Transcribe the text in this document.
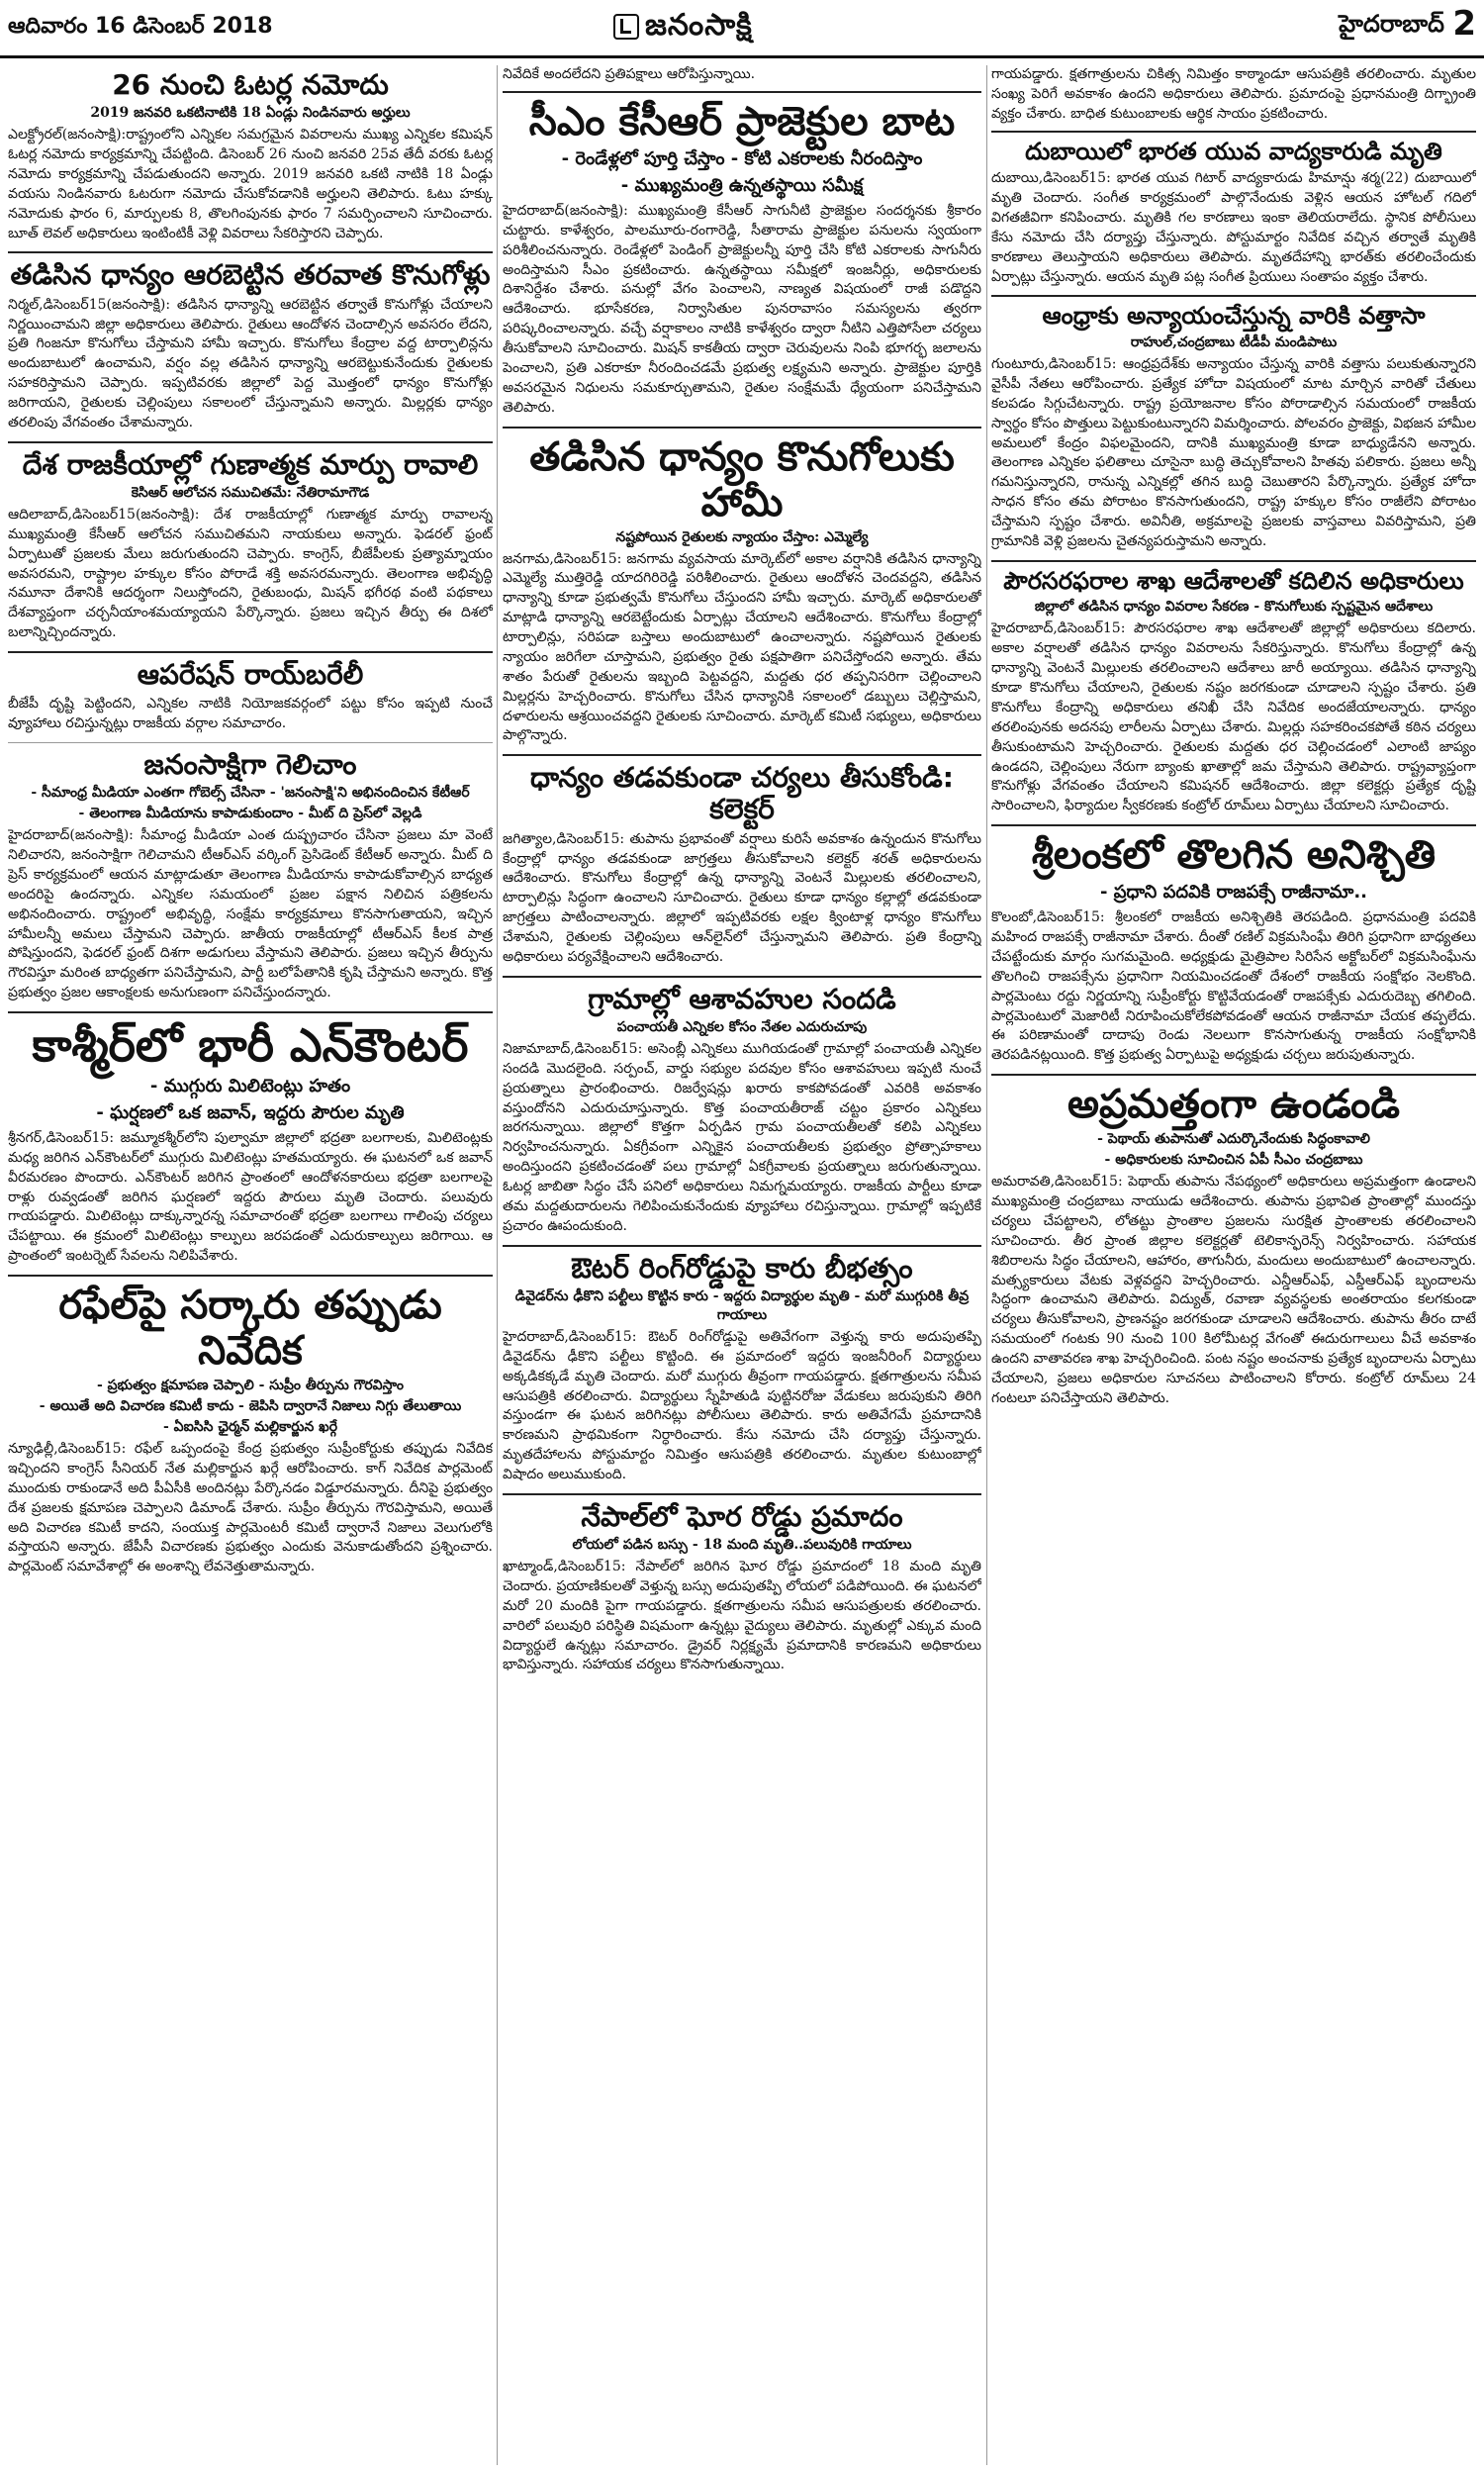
ఆదివారం 16 డిసెంబర్ 2018	జనంసాక్షి	హైదరాబాద్ 2
26 నుంచి ఓటర్ల నమోదు
2019 జనవరి ఒకటినాటికి 18 ఏండ్లు నిండినవారు అర్హులు

ఎలక్ట్రోరల్‌(జనంసాక్షి):రాష్ట్రంలోని ఎన్నికల సమగ్రమైన వివరాలను ముఖ్య ఎన్నికల కమిషన్‌ ఓటర్ల నమోదు కార్యక్రమాన్ని చేపట్టింది. డిసెంబర్‌ 26 నుంచి జనవరి 25వ తేదీ వరకు ఓటర్ల నమోదు కార్యక్రమాన్ని చేపడుతుందని అన్నారు. 2019 జనవరి ఒకటి నాటికి 18 ఏండ్లు వయసు నిండినవారు ఓటరుగా నమోదు చేసుకోవడానికి అర్హులని తెలిపారు. ఓటు హక్కు నమోదుకు ఫారం 6, మార్పులకు 8, తొలగింపునకు ఫారం 7 సమర్పించాలని సూచించారు. బూత్‌ లెవల్‌ అధికారులు ఇంటింటికీ వెళ్లి వివరాలు సేకరిస్తారని చెప్పారు.

తడిసిన ధాన్యం ఆరబెట్టిన తరవాత కొనుగోళ్లు

నిర్మల్‌,డిసెంబర్‌15(జనంసాక్షి): తడిసిన ధాన్యాన్ని ఆరబెట్టిన తర్వాతే కొనుగోళ్లు చేయాలని నిర్ణయించామని జిల్లా అధికారులు తెలిపారు. రైతులు ఆందోళన చెందాల్సిన అవసరం లేదని, ప్రతి గింజనూ కొనుగోలు చేస్తామని హామీ ఇచ్చారు. కొనుగోలు కేంద్రాల వద్ద టార్పాలిన్లను అందుబాటులో ఉంచామని, వర్షం వల్ల తడిసిన ధాన్యాన్ని ఆరబెట్టుకునేందుకు రైతులకు సహకరిస్తామని చెప్పారు. ఇప్పటివరకు జిల్లాలో పెద్ద మొత్తంలో ధాన్యం కొనుగోళ్లు జరిగాయని, రైతులకు చెల్లింపులు సకాలంలో చేస్తున్నామని అన్నారు. మిల్లర్లకు ధాన్యం తరలింపు వేగవంతం చేశామన్నారు.

దేశ రాజకీయాల్లో గుణాత్మక మార్పు రావాలి
కెసిఆర్‌ ఆలోచన సముచితమే: నేతిరామాగౌడ

ఆదిలాబాద్‌,డిసెంబర్‌15(జనంసాక్షి): దేశ రాజకీయాల్లో గుణాత్మక మార్పు రావాలన్న ముఖ్యమంత్రి కేసీఆర్‌ ఆలోచన సముచితమని నాయకులు అన్నారు. ఫెడరల్‌ ఫ్రంట్‌ ఏర్పాటుతో ప్రజలకు మేలు జరుగుతుందని చెప్పారు. కాంగ్రెస్‌, బీజేపీలకు ప్రత్యామ్నాయం అవసరమని, రాష్ట్రాల హక్కుల కోసం పోరాడే శక్తి అవసరమన్నారు. తెలంగాణ అభివృద్ధి నమూనా దేశానికి ఆదర్శంగా నిలుస్తోందని, రైతుబంధు, మిషన్‌ భగీరథ వంటి పథకాలు దేశవ్యాప్తంగా చర్చనీయాంశమయ్యాయని పేర్కొన్నారు. ప్రజలు ఇచ్చిన తీర్పు ఈ దిశలో బలాన్నిచ్చిందన్నారు.

ఆపరేషన్‌ రాయ్‌బరేలీ

బీజేపీ దృష్టి పెట్టిందని, ఎన్నికల నాటికి నియోజకవర్గంలో పట్టు కోసం ఇప్పటి నుంచే వ్యూహాలు రచిస్తున్నట్లు రాజకీయ వర్గాల సమాచారం.

జనంసాక్షిగా గెలిచాం
- సీమాంధ్ర మీడియా ఎంతగా గోబెల్స్‌ చేసినా - 'జనంసాక్షి'ని అభినందించిన కేటీఆర్‌
- తెలంగాణ మీడియాను కాపాడుకుందాం - మీట్‌ ది ప్రెస్‌లో వెల్లడి

హైదరాబాద్‌(జనంసాక్షి): సీమాంధ్ర మీడియా ఎంత దుష్ప్రచారం చేసినా ప్రజలు మా వెంటే నిలిచారని, జనంసాక్షిగా గెలిచామని టీఆర్‌ఎస్‌ వర్కింగ్‌ ప్రెసిడెంట్‌ కేటీఆర్‌ అన్నారు. మీట్‌ ది ప్రెస్‌ కార్యక్రమంలో ఆయన మాట్లాడుతూ తెలంగాణ మీడియాను కాపాడుకోవాల్సిన బాధ్యత అందరిపై ఉందన్నారు. ఎన్నికల సమయంలో ప్రజల పక్షాన నిలిచిన పత్రికలను అభినందించారు. రాష్ట్రంలో అభివృద్ధి, సంక్షేమ కార్యక్రమాలు కొనసాగుతాయని, ఇచ్చిన హామీలన్నీ అమలు చేస్తామని చెప్పారు. జాతీయ రాజకీయాల్లో టీఆర్‌ఎస్‌ కీలక పాత్ర పోషిస్తుందని, ఫెడరల్‌ ఫ్రంట్‌ దిశగా అడుగులు వేస్తామని తెలిపారు. ప్రజలు ఇచ్చిన తీర్పును గౌరవిస్తూ మరింత బాధ్యతగా పనిచేస్తామని, పార్టీ బలోపేతానికి కృషి చేస్తామని అన్నారు. కొత్త ప్రభుత్వం ప్రజల ఆకాంక్షలకు అనుగుణంగా పనిచేస్తుందన్నారు.

కాశ్మీర్‌లో భారీ ఎన్‌కౌంటర్‌
- ముగ్గురు మిలిటెంట్లు హతం
- ఘర్షణలో ఒక జవాన్‌, ఇద్దరు పౌరుల మృతి

శ్రీనగర్‌,డిసెంబర్‌15: జమ్మూకశ్మీర్‌లోని పుల్వామా జిల్లాలో భద్రతా బలగాలకు, మిలిటెంట్లకు మధ్య జరిగిన ఎన్‌కౌంటర్‌లో ముగ్గురు మిలిటెంట్లు హతమయ్యారు. ఈ ఘటనలో ఒక జవాన్‌ వీరమరణం పొందారు. ఎన్‌కౌంటర్‌ జరిగిన ప్రాంతంలో ఆందోళనకారులు భద్రతా బలగాలపై రాళ్లు రువ్వడంతో జరిగిన ఘర్షణలో ఇద్దరు పౌరులు మృతి చెందారు. పలువురు గాయపడ్డారు. మిలిటెంట్లు దాక్కున్నారన్న సమాచారంతో భద్రతా బలగాలు గాలింపు చర్యలు చేపట్టాయి. ఈ క్రమంలో మిలిటెంట్లు కాల్పులు జరపడంతో ఎదురుకాల్పులు జరిగాయి. ఆ ప్రాంతంలో ఇంటర్నెట్‌ సేవలను నిలిపివేశారు.

రఫేల్‌పై సర్కారు తప్పుడు నివేదిక
- ప్రభుత్వం క్షమాపణ చెప్పాలి - సుప్రీం తీర్పును గౌరవిస్తాం
- అయితే అది విచారణ కమిటీ కాదు - జెపిసి ద్వారానే నిజాలు నిగ్గు తేలుతాయి
- ఏఐసిసి ఛైర్మన్‌ మల్లికార్జున ఖర్గే

న్యూఢిల్లీ,డిసెంబర్‌15: రఫేల్‌ ఒప్పందంపై కేంద్ర ప్రభుత్వం సుప్రీంకోర్టుకు తప్పుడు నివేదిక ఇచ్చిందని కాంగ్రెస్‌ సీనియర్‌ నేత మల్లికార్జున ఖర్గే ఆరోపించారు. కాగ్‌ నివేదిక పార్లమెంట్‌ ముందుకు రాకుండానే అది పీఏసీకి అందినట్లు పేర్కొనడం విడ్డూరమన్నారు. దీనిపై ప్రభుత్వం దేశ ప్రజలకు క్షమాపణ చెప్పాలని డిమాండ్‌ చేశారు. సుప్రీం తీర్పును గౌరవిస్తామని, అయితే అది విచారణ కమిటీ కాదని, సంయుక్త పార్లమెంటరీ కమిటీ ద్వారానే నిజాలు వెలుగులోకి వస్తాయని అన్నారు. జేపీసీ విచారణకు ప్రభుత్వం ఎందుకు వెనుకాడుతోందని ప్రశ్నించారు. పార్లమెంట్‌ సమావేశాల్లో ఈ అంశాన్ని లేవనెత్తుతామన్నారు.

నివేదికే అందలేదని ప్రతిపక్షాలు ఆరోపిస్తున్నాయి.

సీఎం కేసీఆర్‌ ప్రాజెక్టుల బాట
- రెండేళ్లలో పూర్తి చేస్తాం - కోటి ఎకరాలకు నీరందిస్తాం
- ముఖ్యమంత్రి ఉన్నతస్థాయి సమీక్ష

హైదరాబాద్‌(జనంసాక్షి): ముఖ్యమంత్రి కేసీఆర్‌ సాగునీటి ప్రాజెక్టుల సందర్శనకు శ్రీకారం చుట్టారు. కాళేశ్వరం, పాలమూరు-రంగారెడ్డి, సీతారామ ప్రాజెక్టుల పనులను స్వయంగా పరిశీలించనున్నారు. రెండేళ్లలో పెండింగ్‌ ప్రాజెక్టులన్నీ పూర్తి చేసి కోటి ఎకరాలకు సాగునీరు అందిస్తామని సీఎం ప్రకటించారు. ఉన్నతస్థాయి సమీక్షలో ఇంజనీర్లు, అధికారులకు దిశానిర్దేశం చేశారు. పనుల్లో వేగం పెంచాలని, నాణ్యత విషయంలో రాజీ పడొద్దని ఆదేశించారు. భూసేకరణ, నిర్వాసితుల పునరావాసం సమస్యలను త్వరగా పరిష్కరించాలన్నారు. వచ్చే వర్షాకాలం నాటికి కాళేశ్వరం ద్వారా నీటిని ఎత్తిపోసేలా చర్యలు తీసుకోవాలని సూచించారు. మిషన్‌ కాకతీయ ద్వారా చెరువులను నింపి భూగర్భ జలాలను పెంచాలని, ప్రతి ఎకరాకూ నీరందించడమే ప్రభుత్వ లక్ష్యమని అన్నారు. ప్రాజెక్టుల పూర్తికి అవసరమైన నిధులను సమకూర్చుతామని, రైతుల సంక్షేమమే ధ్యేయంగా పనిచేస్తామని తెలిపారు.

తడిసిన ధాన్యం కొనుగోలుకు హామీ
నష్టపోయిన రైతులకు న్యాయం చేస్తాం: ఎమ్మెల్యే

జనగామ,డిసెంబర్‌15: జనగామ వ్యవసాయ మార్కెట్‌లో అకాల వర్షానికి తడిసిన ధాన్యాన్ని ఎమ్మెల్యే ముత్తిరెడ్డి యాదగిరిరెడ్డి పరిశీలించారు. రైతులు ఆందోళన చెందవద్దని, తడిసిన ధాన్యాన్ని కూడా ప్రభుత్వమే కొనుగోలు చేస్తుందని హామీ ఇచ్చారు. మార్కెట్‌ అధికారులతో మాట్లాడి ధాన్యాన్ని ఆరబెట్టేందుకు ఏర్పాట్లు చేయాలని ఆదేశించారు. కొనుగోలు కేంద్రాల్లో టార్పాలిన్లు, సరిపడా బస్తాలు అందుబాటులో ఉంచాలన్నారు. నష్టపోయిన రైతులకు న్యాయం జరిగేలా చూస్తామని, ప్రభుత్వం రైతు పక్షపాతిగా పనిచేస్తోందని అన్నారు. తేమ శాతం పేరుతో రైతులను ఇబ్బంది పెట్టవద్దని, మద్దతు ధర తప్పనిసరిగా చెల్లించాలని మిల్లర్లను హెచ్చరించారు. కొనుగోలు చేసిన ధాన్యానికి సకాలంలో డబ్బులు చెల్లిస్తామని, దళారులను ఆశ్రయించవద్దని రైతులకు సూచించారు. మార్కెట్‌ కమిటీ సభ్యులు, అధికారులు పాల్గొన్నారు.

ధాన్యం తడవకుండా చర్యలు తీసుకోండి: కలెక్టర్‌

జగిత్యాల,డిసెంబర్‌15: తుపాను ప్రభావంతో వర్షాలు కురిసే అవకాశం ఉన్నందున కొనుగోలు కేంద్రాల్లో ధాన్యం తడవకుండా జాగ్రత్తలు తీసుకోవాలని కలెక్టర్‌ శరత్‌ అధికారులను ఆదేశించారు. కొనుగోలు కేంద్రాల్లో ఉన్న ధాన్యాన్ని వెంటనే మిల్లులకు తరలించాలని, టార్పాలిన్లు సిద్ధంగా ఉంచాలని సూచించారు. రైతులు కూడా ధాన్యం కల్లాల్లో తడవకుండా జాగ్రత్తలు పాటించాలన్నారు. జిల్లాలో ఇప్పటివరకు లక్షల క్వింటాళ్ల ధాన్యం కొనుగోలు చేశామని, రైతులకు చెల్లింపులు ఆన్‌లైన్‌లో చేస్తున్నామని తెలిపారు. ప్రతి కేంద్రాన్ని అధికారులు పర్యవేక్షించాలని ఆదేశించారు.

గ్రామాల్లో ఆశావహుల సందడి
పంచాయతీ ఎన్నికల కోసం నేతల ఎదురుచూపు

నిజామాబాద్‌,డిసెంబర్‌15: అసెంబ్లీ ఎన్నికలు ముగియడంతో గ్రామాల్లో పంచాయతీ ఎన్నికల సందడి మొదలైంది. సర్పంచ్‌, వార్డు సభ్యుల పదవుల కోసం ఆశావహులు ఇప్పటి నుంచే ప్రయత్నాలు ప్రారంభించారు. రిజర్వేషన్లు ఖరారు కాకపోవడంతో ఎవరికి అవకాశం వస్తుందోనని ఎదురుచూస్తున్నారు. కొత్త పంచాయతీరాజ్‌ చట్టం ప్రకారం ఎన్నికలు జరగనున్నాయి. జిల్లాలో కొత్తగా ఏర్పడిన గ్రామ పంచాయతీలతో కలిపి ఎన్నికలు నిర్వహించనున్నారు. ఏకగ్రీవంగా ఎన్నికైన పంచాయతీలకు ప్రభుత్వం ప్రోత్సాహకాలు అందిస్తుందని ప్రకటించడంతో పలు గ్రామాల్లో ఏకగ్రీవాలకు ప్రయత్నాలు జరుగుతున్నాయి. ఓటర్ల జాబితా సిద్ధం చేసే పనిలో అధికారులు నిమగ్నమయ్యారు. రాజకీయ పార్టీలు కూడా తమ మద్దతుదారులను గెలిపించుకునేందుకు వ్యూహాలు రచిస్తున్నాయి. గ్రామాల్లో ఇప్పటికే ప్రచారం ఊపందుకుంది.

ఔటర్‌ రింగ్‌రోడ్డుపై కారు బీభత్సం
డివైడర్‌ను ఢీకొని పల్టీలు కొట్టిన కారు - ఇద్దరు విద్యార్థుల మృతి - మరో ముగ్గురికి తీవ్ర గాయాలు

హైదరాబాద్‌,డిసెంబర్‌15: ఔటర్‌ రింగ్‌రోడ్డుపై అతివేగంగా వెళ్తున్న కారు అదుపుతప్పి డివైడర్‌ను ఢీకొని పల్టీలు కొట్టింది. ఈ ప్రమాదంలో ఇద్దరు ఇంజనీరింగ్‌ విద్యార్థులు అక్కడికక్కడే మృతి చెందారు. మరో ముగ్గురు తీవ్రంగా గాయపడ్డారు. క్షతగాత్రులను సమీప ఆసుపత్రికి తరలించారు. విద్యార్థులు స్నేహితుడి పుట్టినరోజు వేడుకలు జరుపుకుని తిరిగి వస్తుండగా ఈ ఘటన జరిగినట్లు పోలీసులు తెలిపారు. కారు అతివేగమే ప్రమాదానికి కారణమని ప్రాథమికంగా నిర్ధారించారు. కేసు నమోదు చేసి దర్యాప్తు చేస్తున్నారు. మృతదేహాలను పోస్టుమార్టం నిమిత్తం ఆసుపత్రికి తరలించారు. మృతుల కుటుంబాల్లో విషాదం అలుముకుంది.

నేపాల్‌లో ఘోర రోడ్డు ప్రమాదం
లోయలో పడిన బస్సు - 18 మంది మృతి..పలువురికి గాయాలు

ఖాట్మాండ్‌,డిసెంబర్‌15: నేపాల్‌లో జరిగిన ఘోర రోడ్డు ప్రమాదంలో 18 మంది మృతి చెందారు. ప్రయాణికులతో వెళ్తున్న బస్సు అదుపుతప్పి లోయలో పడిపోయింది. ఈ ఘటనలో మరో 20 మందికి పైగా గాయపడ్డారు. క్షతగాత్రులను సమీప ఆసుపత్రులకు తరలించారు. వారిలో పలువురి పరిస్థితి విషమంగా ఉన్నట్లు వైద్యులు తెలిపారు. మృతుల్లో ఎక్కువ మంది విద్యార్థులే ఉన్నట్లు సమాచారం. డ్రైవర్‌ నిర్లక్ష్యమే ప్రమాదానికి కారణమని అధికారులు భావిస్తున్నారు. సహాయక చర్యలు కొనసాగుతున్నాయి.

గాయపడ్డారు. క్షతగాత్రులను చికిత్స నిమిత్తం కాఠ్మాండూ ఆసుపత్రికి తరలించారు. మృతుల సంఖ్య పెరిగే అవకాశం ఉందని అధికారులు తెలిపారు. ప్రమాదంపై ప్రధానమంత్రి దిగ్భ్రాంతి వ్యక్తం చేశారు. బాధిత కుటుంబాలకు ఆర్థిక సాయం ప్రకటించారు.

దుబాయిలో భారత యువ వాద్యకారుడి మృతి

దుబాయి,డిసెంబర్‌15: భారత యువ గిటార్‌ వాద్యకారుడు హిమాన్షు శర్మ(22) దుబాయిలో మృతి చెందారు. సంగీత కార్యక్రమంలో పాల్గొనేందుకు వెళ్లిన ఆయన హోటల్‌ గదిలో విగతజీవిగా కనిపించారు. మృతికి గల కారణాలు ఇంకా తెలియరాలేదు. స్థానిక పోలీసులు కేసు నమోదు చేసి దర్యాప్తు చేస్తున్నారు. పోస్టుమార్టం నివేదిక వచ్చిన తర్వాతే మృతికి కారణాలు తెలుస్తాయని అధికారులు తెలిపారు. మృతదేహాన్ని భారత్‌కు తరలించేందుకు ఏర్పాట్లు చేస్తున్నారు. ఆయన మృతి పట్ల సంగీత ప్రియులు సంతాపం వ్యక్తం చేశారు.

ఆంధ్రాకు అన్యాయంచేస్తున్న వారికి వత్తాసా
రాహుల్‌,చంద్రబాబు టీడీపీ మండిపాటు

గుంటూరు,డిసెంబర్‌15: ఆంధ్రప్రదేశ్‌కు అన్యాయం చేస్తున్న వారికి వత్తాసు పలుకుతున్నారని వైసీపీ నేతలు ఆరోపించారు. ప్రత్యేక హోదా విషయంలో మాట మార్చిన వారితో చేతులు కలపడం సిగ్గుచేటన్నారు. రాష్ట్ర ప్రయోజనాల కోసం పోరాడాల్సిన సమయంలో రాజకీయ స్వార్థం కోసం పొత్తులు పెట్టుకుంటున్నారని విమర్శించారు. పోలవరం ప్రాజెక్టు, విభజన హామీల అమలులో కేంద్రం విఫలమైందని, దానికి ముఖ్యమంత్రి కూడా బాధ్యుడేనని అన్నారు. తెలంగాణ ఎన్నికల ఫలితాలు చూసైనా బుద్ధి తెచ్చుకోవాలని హితవు పలికారు. ప్రజలు అన్నీ గమనిస్తున్నారని, రానున్న ఎన్నికల్లో తగిన బుద్ధి చెబుతారని పేర్కొన్నారు. ప్రత్యేక హోదా సాధన కోసం తమ పోరాటం కొనసాగుతుందని, రాష్ట్ర హక్కుల కోసం రాజీలేని పోరాటం చేస్తామని స్పష్టం చేశారు. అవినీతి, అక్రమాలపై ప్రజలకు వాస్తవాలు వివరిస్తామని, ప్రతి గ్రామానికి వెళ్లి ప్రజలను చైతన్యపరుస్తామని అన్నారు.

పౌరసరఫరాల శాఖ ఆదేశాలతో కదిలిన అధికారులు
జిల్లాలో తడిసిన ధాన్యం వివరాల సేకరణ - కొనుగోలుకు స్పష్టమైన ఆదేశాలు

హైదరాబాద్‌,డిసెంబర్‌15: పౌరసరఫరాల శాఖ ఆదేశాలతో జిల్లాల్లో అధికారులు కదిలారు. అకాల వర్షాలతో తడిసిన ధాన్యం వివరాలను సేకరిస్తున్నారు. కొనుగోలు కేంద్రాల్లో ఉన్న ధాన్యాన్ని వెంటనే మిల్లులకు తరలించాలని ఆదేశాలు జారీ అయ్యాయి. తడిసిన ధాన్యాన్ని కూడా కొనుగోలు చేయాలని, రైతులకు నష్టం జరగకుండా చూడాలని స్పష్టం చేశారు. ప్రతి కొనుగోలు కేంద్రాన్ని అధికారులు తనిఖీ చేసి నివేదిక అందజేయాలన్నారు. ధాన్యం తరలింపునకు అదనపు లారీలను ఏర్పాటు చేశారు. మిల్లర్లు సహకరించకపోతే కఠిన చర్యలు తీసుకుంటామని హెచ్చరించారు. రైతులకు మద్దతు ధర చెల్లించడంలో ఎలాంటి జాప్యం ఉండదని, చెల్లింపులు నేరుగా బ్యాంకు ఖాతాల్లో జమ చేస్తామని తెలిపారు. రాష్ట్రవ్యాప్తంగా కొనుగోళ్లు వేగవంతం చేయాలని కమిషనర్‌ ఆదేశించారు. జిల్లా కలెక్టర్లు ప్రత్యేక దృష్టి సారించాలని, ఫిర్యాదుల స్వీకరణకు కంట్రోల్‌ రూమ్‌లు ఏర్పాటు చేయాలని సూచించారు.

శ్రీలంకలో తొలగిన అనిశ్చితి
- ప్రధాని పదవికి రాజపక్సే రాజీనామా..

కొలంబో,డిసెంబర్‌15: శ్రీలంకలో రాజకీయ అనిశ్చితికి తెరపడింది. ప్రధానమంత్రి పదవికి మహింద రాజపక్సే రాజీనామా చేశారు. దీంతో రణిల్‌ విక్రమసింఘే తిరిగి ప్రధానిగా బాధ్యతలు చేపట్టేందుకు మార్గం సుగమమైంది. అధ్యక్షుడు మైత్రిపాల సిరిసేన అక్టోబర్‌లో విక్రమసింఘేను తొలగించి రాజపక్సేను ప్రధానిగా నియమించడంతో దేశంలో రాజకీయ సంక్షోభం నెలకొంది. పార్లమెంటు రద్దు నిర్ణయాన్ని సుప్రీంకోర్టు కొట్టివేయడంతో రాజపక్సేకు ఎదురుదెబ్బ తగిలింది. పార్లమెంటులో మెజారిటీ నిరూపించుకోలేకపోవడంతో ఆయన రాజీనామా చేయక తప్పలేదు. ఈ పరిణామంతో దాదాపు రెండు నెలలుగా కొనసాగుతున్న రాజకీయ సంక్షోభానికి తెరపడినట్లయింది. కొత్త ప్రభుత్వ ఏర్పాటుపై అధ్యక్షుడు చర్చలు జరుపుతున్నారు.

అప్రమత్తంగా ఉండండి
- పెథాయ్‌ తుపానుతో ఎదుర్కొనేందుకు సిద్ధంకావాలి
- అధికారులకు సూచించిన ఏపీ సీఎం చంద్రబాబు

అమరావతి,డిసెంబర్‌15: పెథాయ్‌ తుపాను నేపథ్యంలో అధికారులు అప్రమత్తంగా ఉండాలని ముఖ్యమంత్రి చంద్రబాబు నాయుడు ఆదేశించారు. తుపాను ప్రభావిత ప్రాంతాల్లో ముందస్తు చర్యలు చేపట్టాలని, లోతట్టు ప్రాంతాల ప్రజలను సురక్షిత ప్రాంతాలకు తరలించాలని సూచించారు. తీర ప్రాంత జిల్లాల కలెక్టర్లతో టెలికాన్ఫరెన్స్‌ నిర్వహించారు. సహాయక శిబిరాలను సిద్ధం చేయాలని, ఆహారం, తాగునీరు, మందులు అందుబాటులో ఉంచాలన్నారు. మత్స్యకారులు వేటకు వెళ్లవద్దని హెచ్చరించారు. ఎన్డీఆర్‌ఎఫ్‌, ఎస్డీఆర్‌ఎఫ్‌ బృందాలను సిద్ధంగా ఉంచామని తెలిపారు. విద్యుత్‌, రవాణా వ్యవస్థలకు అంతరాయం కలగకుండా చర్యలు తీసుకోవాలని, ప్రాణనష్టం జరగకుండా చూడాలని ఆదేశించారు. తుపాను తీరం దాటే సమయంలో గంటకు 90 నుంచి 100 కిలోమీటర్ల వేగంతో ఈదురుగాలులు వీచే అవకాశం ఉందని వాతావరణ శాఖ హెచ్చరించింది. పంట నష్టం అంచనాకు ప్రత్యేక బృందాలను ఏర్పాటు చేయాలని, ప్రజలు అధికారుల సూచనలు పాటించాలని కోరారు. కంట్రోల్‌ రూమ్‌లు 24 గంటలూ పనిచేస్తాయని తెలిపారు.
